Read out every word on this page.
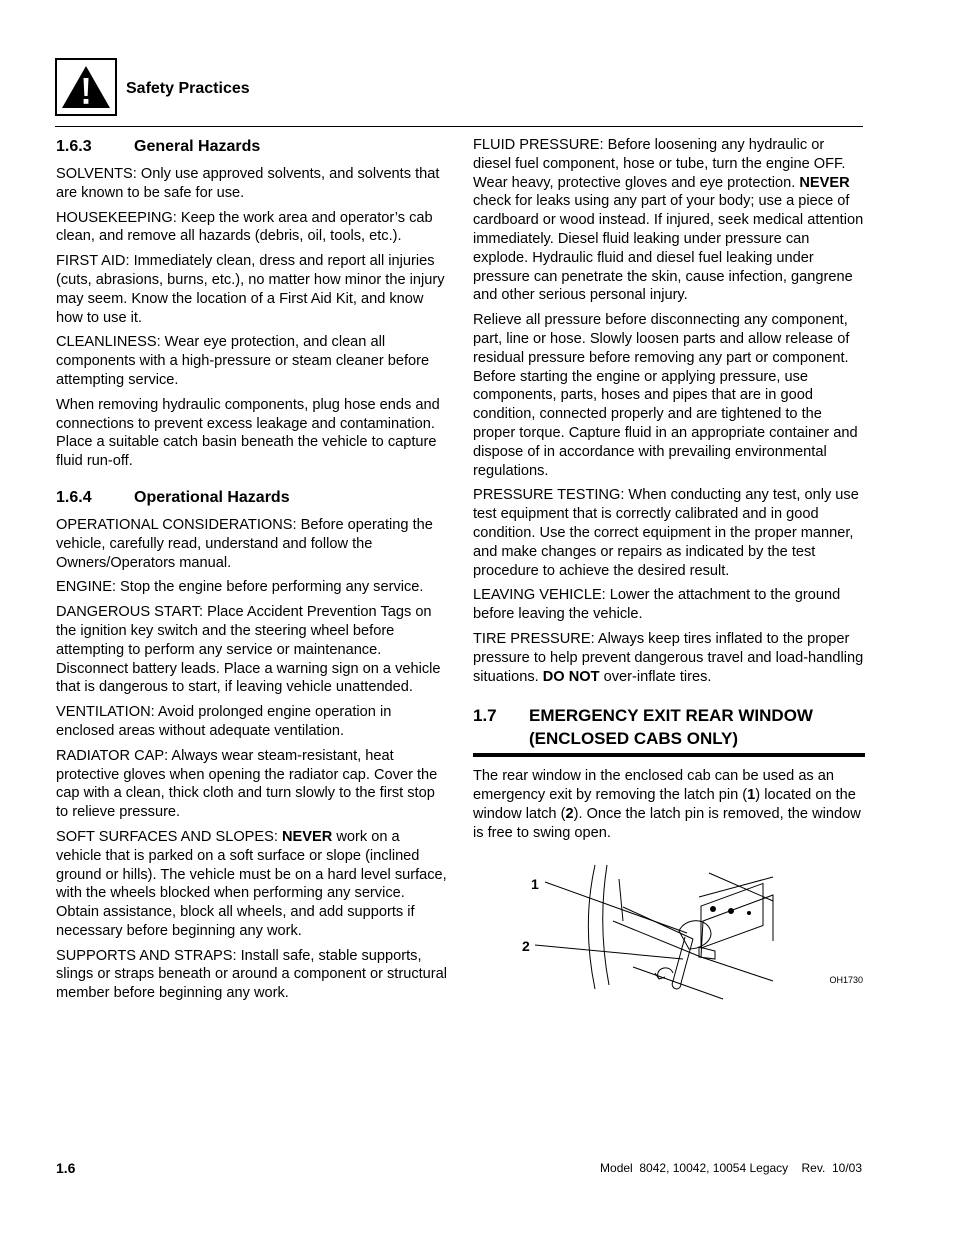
Safety Practices
1.6.3	General Hazards

SOLVENTS: Only use approved solvents, and solvents that are known to be safe for use.

HOUSEKEEPING: Keep the work area and operator’s cab clean, and remove all hazards (debris, oil, tools, etc.).

FIRST AID: Immediately clean, dress and report all injuries (cuts, abrasions, burns, etc.), no matter how minor the injury may seem. Know the location of a First Aid Kit, and know how to use it.

CLEANLINESS: Wear eye protection, and clean all components with a high-pressure or steam cleaner before attempting service.

When removing hydraulic components, plug hose ends and connections to prevent excess leakage and contamination. Place a suitable catch basin beneath the vehicle to capture fluid run-off.

1.6.4	Operational Hazards

OPERATIONAL CONSIDERATIONS: Before operating the vehicle, carefully read, understand and follow the Owners/Operators manual.

ENGINE: Stop the engine before performing any service.

DANGEROUS START: Place Accident Prevention Tags on the ignition key switch and the steering wheel before attempting to perform any service or maintenance. Disconnect battery leads. Place a warning sign on a vehicle that is dangerous to start, if leaving vehicle unattended.

VENTILATION: Avoid prolonged engine operation in enclosed areas without adequate ventilation.

RADIATOR CAP: Always wear steam-resistant, heat protective gloves when opening the radiator cap. Cover the cap with a clean, thick cloth and turn slowly to the first stop to relieve pressure.

SOFT SURFACES AND SLOPES: NEVER work on a vehicle that is parked on a soft surface or slope (inclined ground or hills). The vehicle must be on a hard level surface, with the wheels blocked when performing any service. Obtain assistance, block all wheels, and add supports if necessary before beginning any work.

SUPPORTS AND STRAPS: Install safe, stable supports, slings or straps beneath or around a component or structural member before beginning any work.

FLUID PRESSURE: Before loosening any hydraulic or diesel fuel component, hose or tube, turn the engine OFF. Wear heavy, protective gloves and eye protection. NEVER check for leaks using any part of your body; use a piece of cardboard or wood instead. If injured, seek medical attention immediately. Diesel fluid leaking under pressure can explode. Hydraulic fluid and diesel fuel leaking under pressure can penetrate the skin, cause infection, gangrene and other serious personal injury.

Relieve all pressure before disconnecting any component, part, line or hose. Slowly loosen parts and allow release of residual pressure before removing any part or component. Before starting the engine or applying pressure, use components, parts, hoses and pipes that are in good condition, connected properly and are tightened to the proper torque. Capture fluid in an appropriate container and dispose of in accordance with prevailing environmental regulations.

PRESSURE TESTING: When conducting any test, only use test equipment that is correctly calibrated and in good condition. Use the correct equipment in the proper manner, and make changes or repairs as indicated by the test procedure to achieve the desired result.

LEAVING VEHICLE: Lower the attachment to the ground before leaving the vehicle.

TIRE PRESSURE: Always keep tires inflated to the proper pressure to help prevent dangerous travel and load-handling situations. DO NOT over-inflate tires.

1.7	EMERGENCY EXIT REAR WINDOW
(ENCLOSED CABS ONLY)

The rear window in the enclosed cab can be used as an emergency exit by removing the latch pin (1) located on the window latch (2). Once the latch pin is removed, the window is free to swing open.

1
2
OH1730
1.6	Model  8042, 10042, 10054 Legacy    Rev.  10/03
